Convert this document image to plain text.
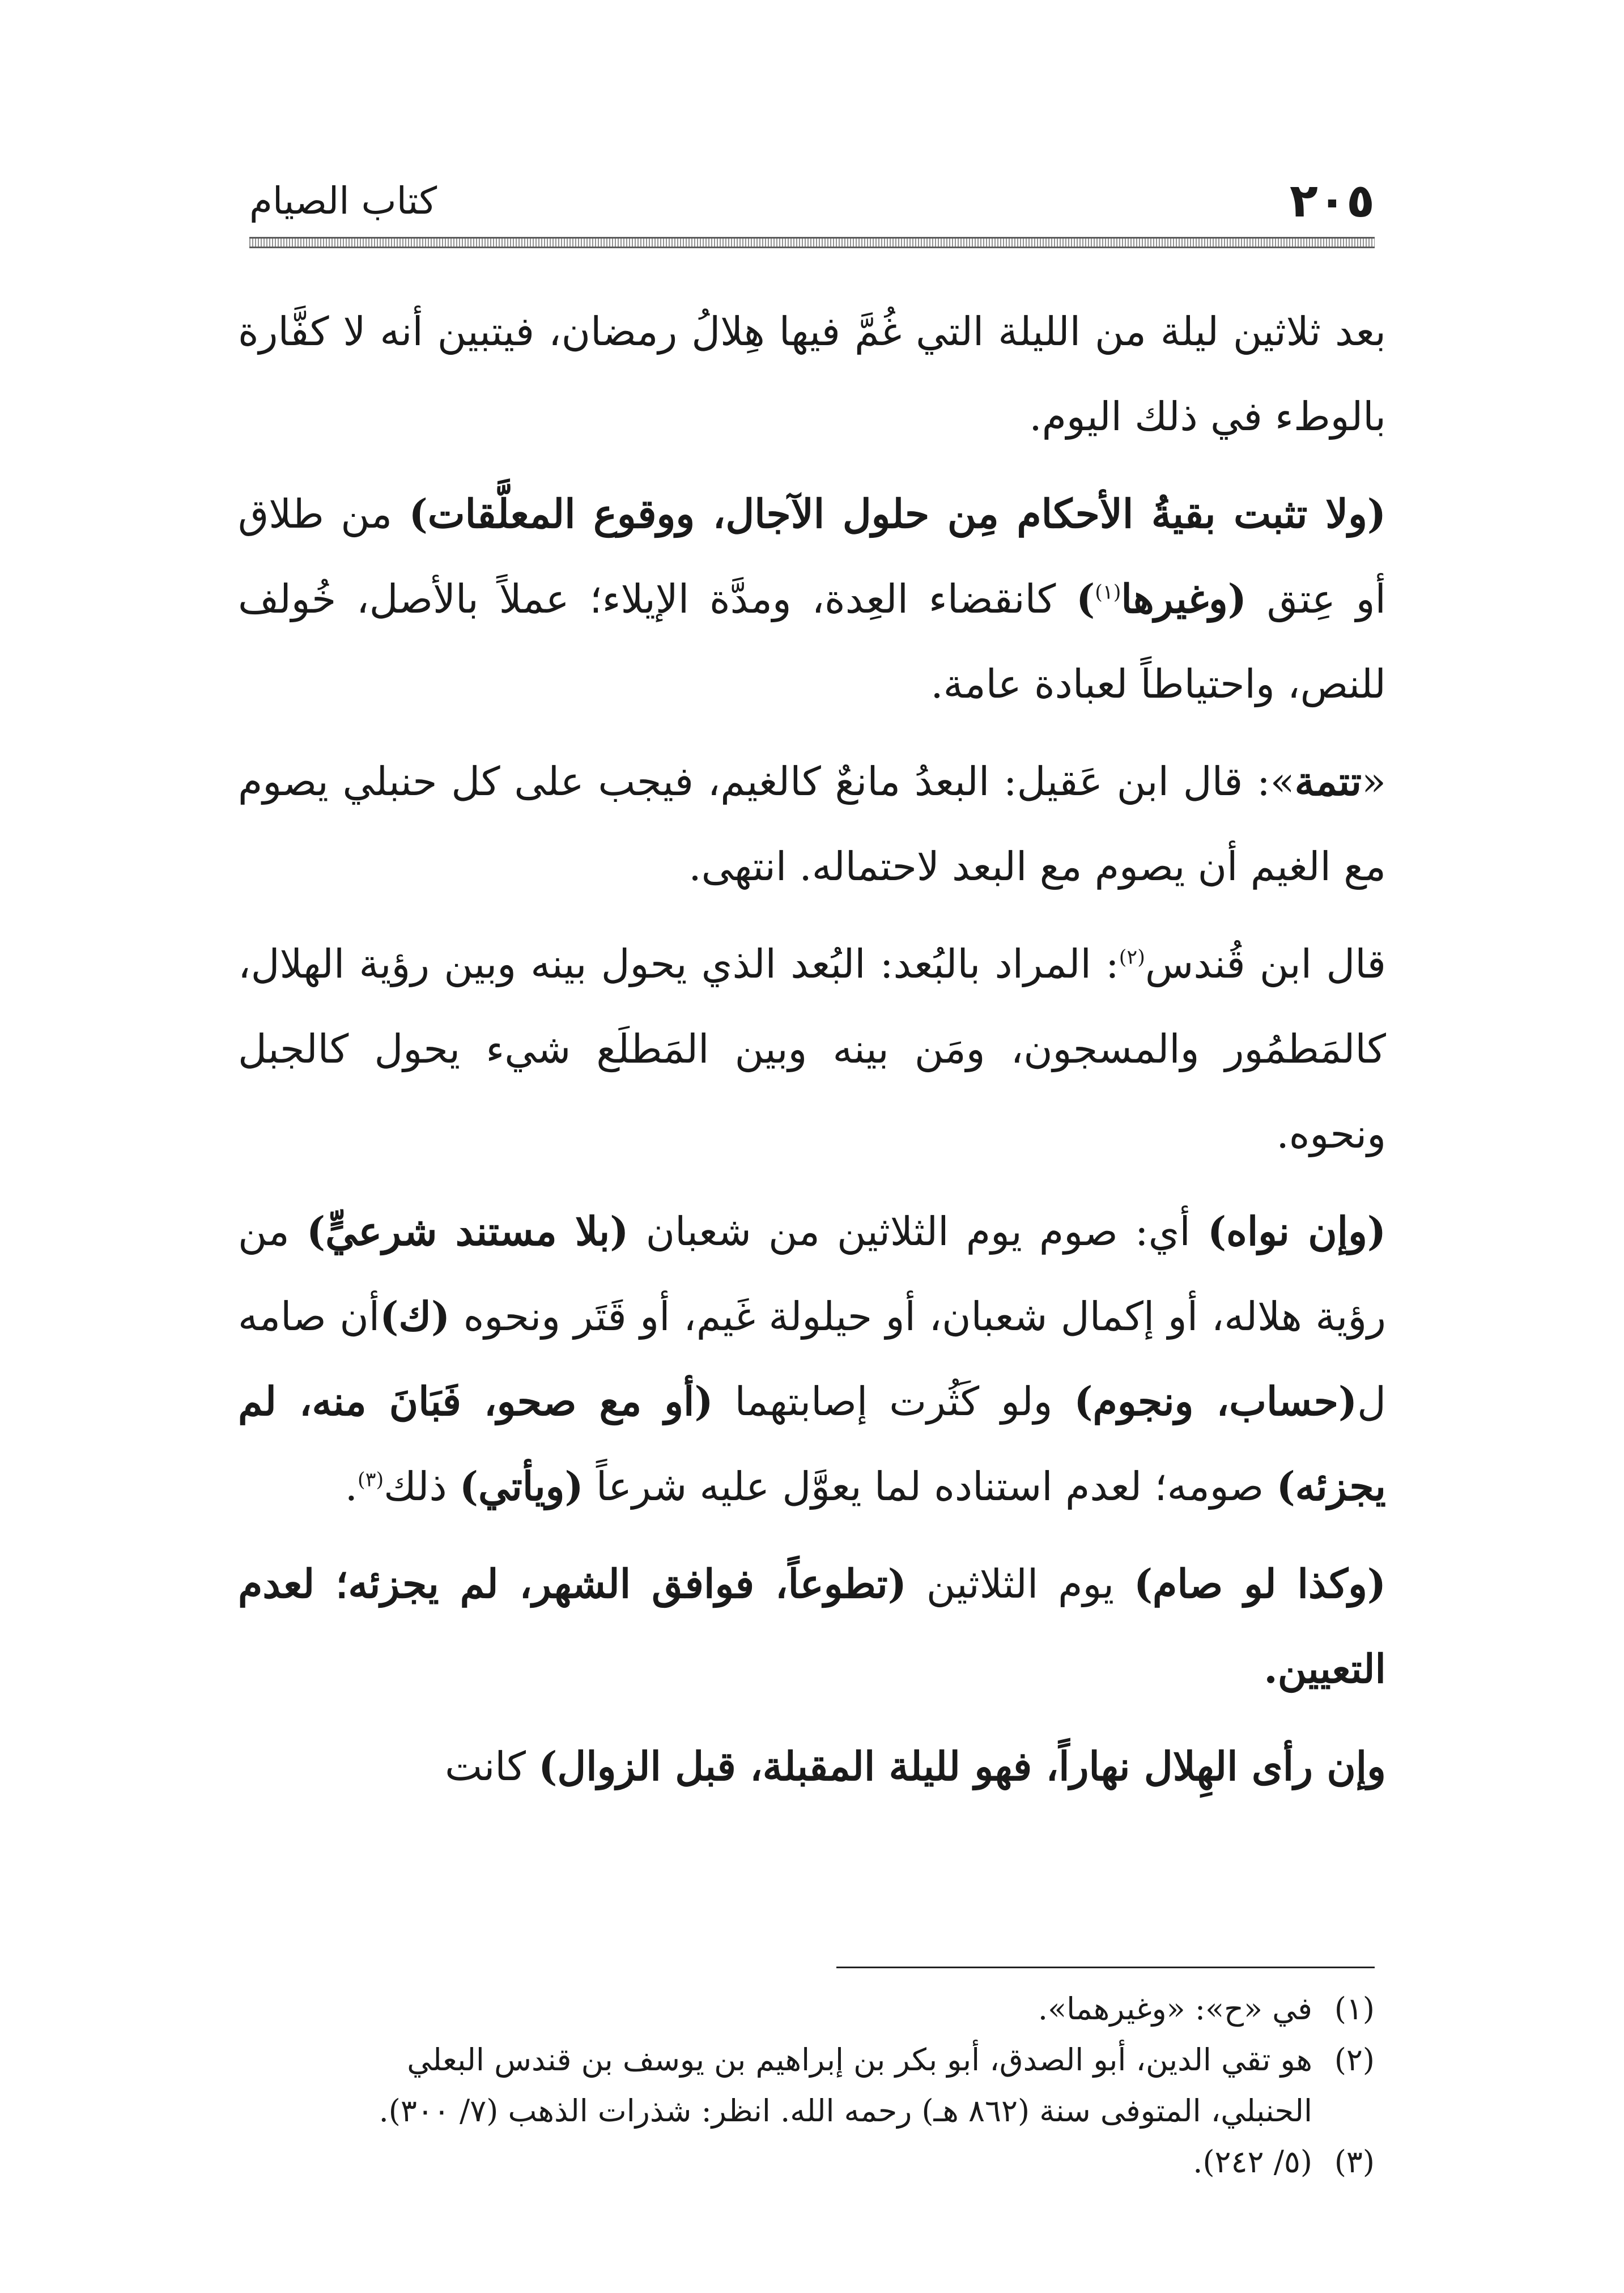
٢٠٥
كتاب الصيام

بعد ثلاثين ليلة من الليلة التي غُمَّ فيها هِلالُ رمضان، فيتبين أنه لا كفَّارة بالوطء في ذلك اليوم.

(ولا تثبت بقيةُ الأحكام مِن حلول الآجال، ووقوع المعلَّقات) من طلاق أو عِتق (وغيرها$^{(١)}$) كانقضاء العِدة، ومدَّة الإيلاء؛ عملاً بالأصل، خُولف للنص، واحتياطاً لعبادة عامة.

«تتمة»: قال ابن عَقيل: البعدُ مانعٌ كالغيم، فيجب على كل حنبلي يصوم مع الغيم أن يصوم مع البعد لاحتماله. انتهى.

قال ابن قُندس$^{(٢)}$: المراد بالبُعد: البُعد الذي يحول بينه وبين رؤية الهلال، كالمَطمُور والمسجون، ومَن بينه وبين المَطلَع شيء يحول كالجبل ونحوه.

(وإن نواه) أي: صوم يوم الثلاثين من شعبان (بلا مستند شرعيٍّ) من رؤية هلاله، أو إكمال شعبان، أو حيلولة غَيم، أو قَتَر ونحوه (ك)أن صامه ل(حساب، ونجوم) ولو كَثُرت إصابتهما (أو مع صحو، فَبَانَ منه، لم يجزئه) صومه؛ لعدم استناده لما يعوَّل عليه شرعاً (ويأتي) ذلك$^{(٣)}$.

(وكذا لو صام) يوم الثلاثين (تطوعاً، فوافق الشهر، لم يجزئه؛ لعدم التعيين.

وإن رأى الهِلال نهاراً، فهو لليلة المقبلة، قبل الزوال) كانت

(١)في «ح»: «وغيرهما».
(٢)هو تقي الدين، أبو الصدق، أبو بكر بن إبراهيم بن يوسف بن قندس البعلي
الحنبلي، المتوفى سنة (٨٦٢ هـ) رحمه الله. انظر: شذرات الذهب (٧/ ٣٠٠).
(٣)(٥/ ٢٤٢).
